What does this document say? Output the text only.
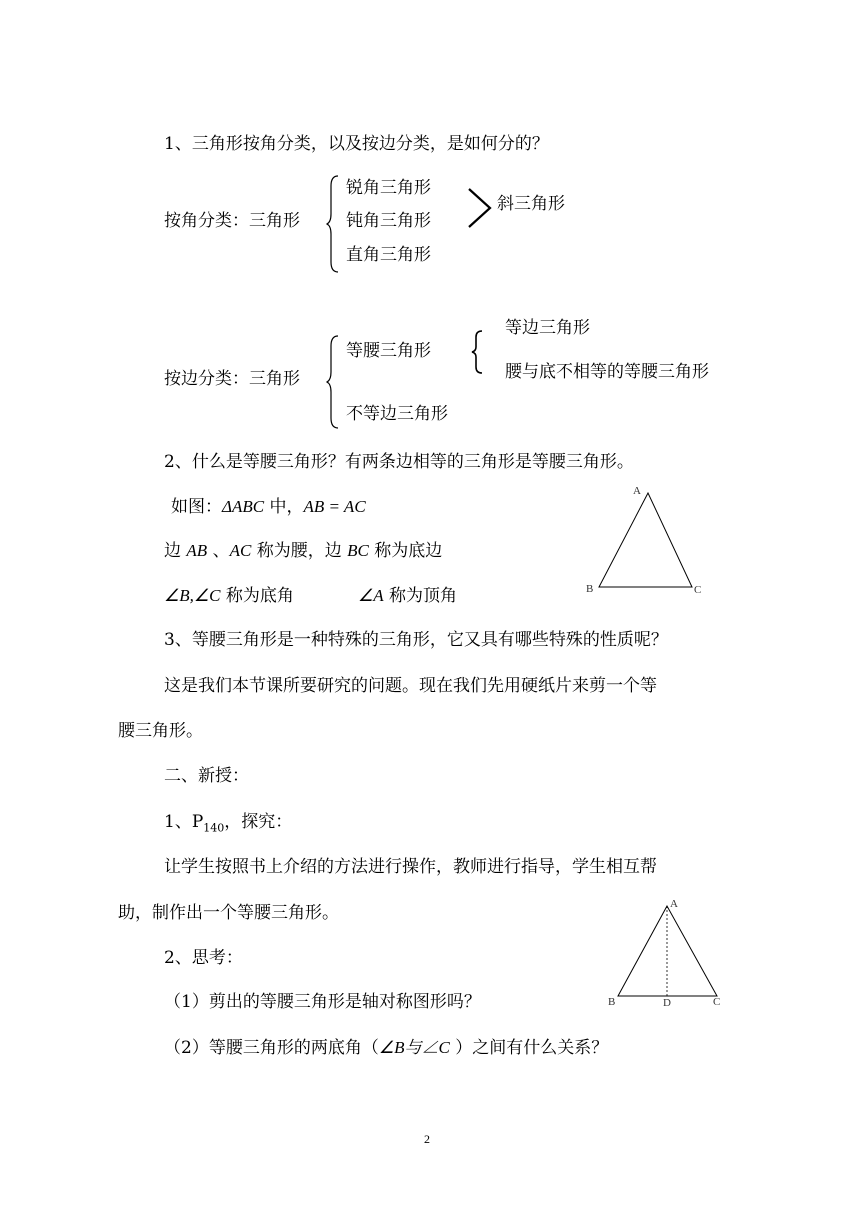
1、三角形按角分类，以及按边分类，是如何分的？
按角分类：三角形
锐角三角形
钝角三角形
直角三角形
斜三角形
按边分类：三角形
等腰三角形
等边三角形
腰与底不相等的等腰三角形
不等边三角形
2、什么是等腰三角形？有两条边相等的三角形是等腰三角形。
如图：ΔABC 中，AB = AC
边 AB 、AC 称为腰，边 BC 称为底边
∠B,∠C 称为底角	∠A 称为顶角
A
B	C
3、等腰三角形是一种特殊的三角形，它又具有哪些特殊的性质呢？
这是我们本节课所要研究的问题。现在我们先用硬纸片来剪一个等
腰三角形。
二、新授：
1、$P_{140}$，探究：
让学生按照书上介绍的方法进行操作，教师进行指导，学生相互帮
助，制作出一个等腰三角形。
2、思考：
（1）剪出的等腰三角形是轴对称图形吗？
（2）等腰三角形的两底角（∠B与∠C ）之间有什么关系？
A
B	C
D
2
